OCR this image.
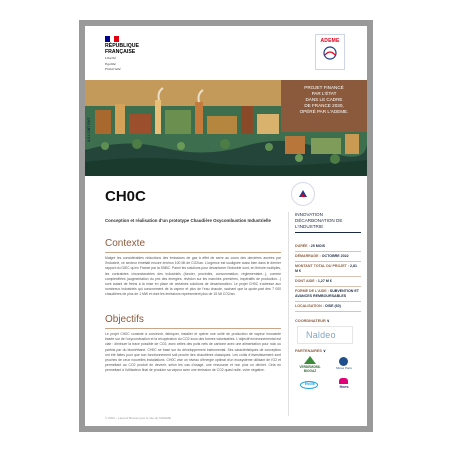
RÉPUBLIQUE
FRANÇAISE
Liberté
Égalité
Fraternité
ADEME
PROJET FINANCÉ
PAR L'ÉTAT
DANS LE CADRE
DE FRANCE 2030,
OPÉRÉ PAR L'ADEME.
ILS L'ONT FAIT
CH0C
Conception et réalisation d'un prototype Chaudière Oxycombustion Industrielle
Contexte
Malgré les considérables réductions des émissions de gaz à effet de serre au cours des dernières années par l'industrie, ce secteur émettait encore environ 100 Mt de CO2/an. L'urgence est soulignée aussi bien dans le dernier rapport du GIEC qu'en France par la SNBC. Parmi les solutions pour décarboner l'industrie sont, en théorie multiples, les contraintes circonstanciées des industriels (foncier, procédés, consommation, réglementaire...), comme complexifiées (augmentation du prix des énergies, révision sur les marchés premières, impératifs de production...) sont autant de freins à la mise en place de certaines solutions de décarbonation. Le projet CH0C s'adresse aux nombreux industriels qui consomment de la vapeur et plus de l'eau chaude, sachant que la quote-part des 7 000 chaudières de plus de 1 MW et dont les émissions représentent plus de 15 Mt CO2/an.
Objectifs
Le projet CH0C consiste à concevoir, fabriquer, installer et opérer une unité de production de vapeur innovante basée sur de l'oxycombustion et la récupération du CO2 sous des formes valorisables. L'objectif environnemental est clair : diminuer la trace possible de CO2, avec celles des puits nets de carbone avec une alimentation pour rock ou parfois par du biométhane. CH0C se base sur du développement instrumental. Ses caractéristiques de conception ont été faites pour que son fonctionnement soit proche des chaudières classiques. Les coûts d'investissement sont proches de ceux nouvelles installations. CH0C vise un niveau d'énergie optimal d'un écosystème utilisant de l'O2 et permettant au CO2 produit de devenir, selon les cas d'usage, une ressource et non plus un déchet. Cela en permettant à l'utilisateur final de produire sa vapeur avec une émission de CO2 quasi nulle, voire négative.
© 2023 – Laurent Bouvet pour le site de l'ADEME
INNOVATION DÉCARBONATION DE L'INDUSTRIE
DURÉE : 25 MOIS
DÉMARRAGE : OCTOBRE 2022
MONTANT TOTAL DU PROJET : 2,81 M €
DONT AIDE : 1,27 M €
FORME DE L'AIDE : SUBVENTION ET AVANCES REMBOURSABLES
LOCALISATION : OISE (60)
COORDINATEUR ∨
Naldeo
PARTENAIRES ∨
VERDEMOBIL BIOGAZ
Mines Paris
ENGIE	fives
